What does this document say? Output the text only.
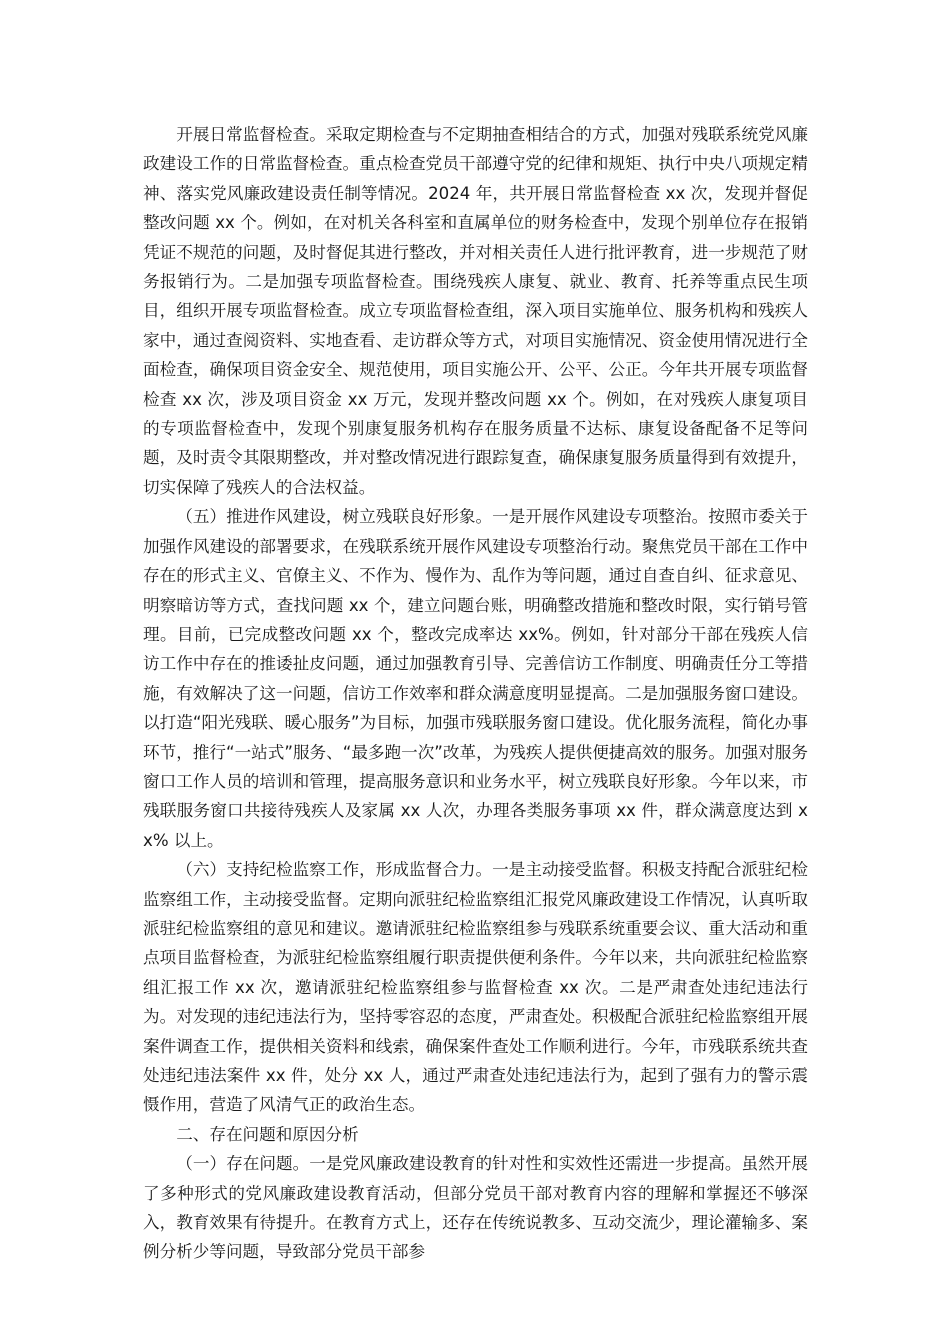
开展日常监督检查。采取定期检查与不定期抽查相结合的方式，加强对残联系统党风廉政建设工作的日常监督检查。重点检查党员干部遵守党的纪律和规矩、执行中央八项规定精神、落实党风廉政建设责任制等情况。2024 年，共开展日常监督检查 xx 次，发现并督促整改问题 xx 个。例如，在对机关各科室和直属单位的财务检查中，发现个别单位存在报销凭证不规范的问题，及时督促其进行整改，并对相关责任人进行批评教育，进一步规范了财务报销行为。二是加强专项监督检查。围绕残疾人康复、就业、教育、托养等重点民生项目，组织开展专项监督检查。成立专项监督检查组，深入项目实施单位、服务机构和残疾人家中，通过查阅资料、实地查看、走访群众等方式，对项目实施情况、资金使用情况进行全面检查，确保项目资金安全、规范使用，项目实施公开、公平、公正。今年共开展专项监督检查 xx 次，涉及项目资金 xx 万元，发现并整改问题 xx 个。例如，在对残疾人康复项目的专项监督检查中，发现个别康复服务机构存在服务质量不达标、康复设备配备不足等问题，及时责令其限期整改，并对整改情况进行跟踪复查，确保康复服务质量得到有效提升，切实保障了残疾人的合法权益。

（五）推进作风建设，树立残联良好形象。一是开展作风建设专项整治。按照市委关于加强作风建设的部署要求，在残联系统开展作风建设专项整治行动。聚焦党员干部在工作中存在的形式主义、官僚主义、不作为、慢作为、乱作为等问题，通过自查自纠、征求意见、明察暗访等方式，查找问题 xx 个，建立问题台账，明确整改措施和整改时限，实行销号管理。目前，已完成整改问题 xx 个，整改完成率达 xx%。例如，针对部分干部在残疾人信访工作中存在的推诿扯皮问题，通过加强教育引导、完善信访工作制度、明确责任分工等措施，有效解决了这一问题，信访工作效率和群众满意度明显提高。二是加强服务窗口建设。以打造“阳光残联、暖心服务”为目标，加强市残联服务窗口建设。优化服务流程，简化办事环节，推行“一站式”服务、“最多跑一次”改革，为残疾人提供便捷高效的服务。加强对服务窗口工作人员的培训和管理，提高服务意识和业务水平，树立残联良好形象。今年以来，市残联服务窗口共接待残疾人及家属 xx 人次，办理各类服务事项 xx 件，群众满意度达到 xx% 以上。

（六）支持纪检监察工作，形成监督合力。一是主动接受监督。积极支持配合派驻纪检监察组工作，主动接受监督。定期向派驻纪检监察组汇报党风廉政建设工作情况，认真听取派驻纪检监察组的意见和建议。邀请派驻纪检监察组参与残联系统重要会议、重大活动和重点项目监督检查，为派驻纪检监察组履行职责提供便利条件。今年以来，共向派驻纪检监察组汇报工作 xx 次，邀请派驻纪检监察组参与监督检查 xx 次。二是严肃查处违纪违法行为。对发现的违纪违法行为，坚持零容忍的态度，严肃查处。积极配合派驻纪检监察组开展案件调查工作，提供相关资料和线索，确保案件查处工作顺利进行。今年，市残联系统共查处违纪违法案件 xx 件，处分 xx 人，通过严肃查处违纪违法行为，起到了强有力的警示震慑作用，营造了风清气正的政治生态。

二、存在问题和原因分析

（一）存在问题。一是党风廉政建设教育的针对性和实效性还需进一步提高。虽然开展了多种形式的党风廉政建设教育活动，但部分党员干部对教育内容的理解和掌握还不够深入，教育效果有待提升。在教育方式上，还存在传统说教多、互动交流少，理论灌输多、案例分析少等问题，导致部分党员干部参
